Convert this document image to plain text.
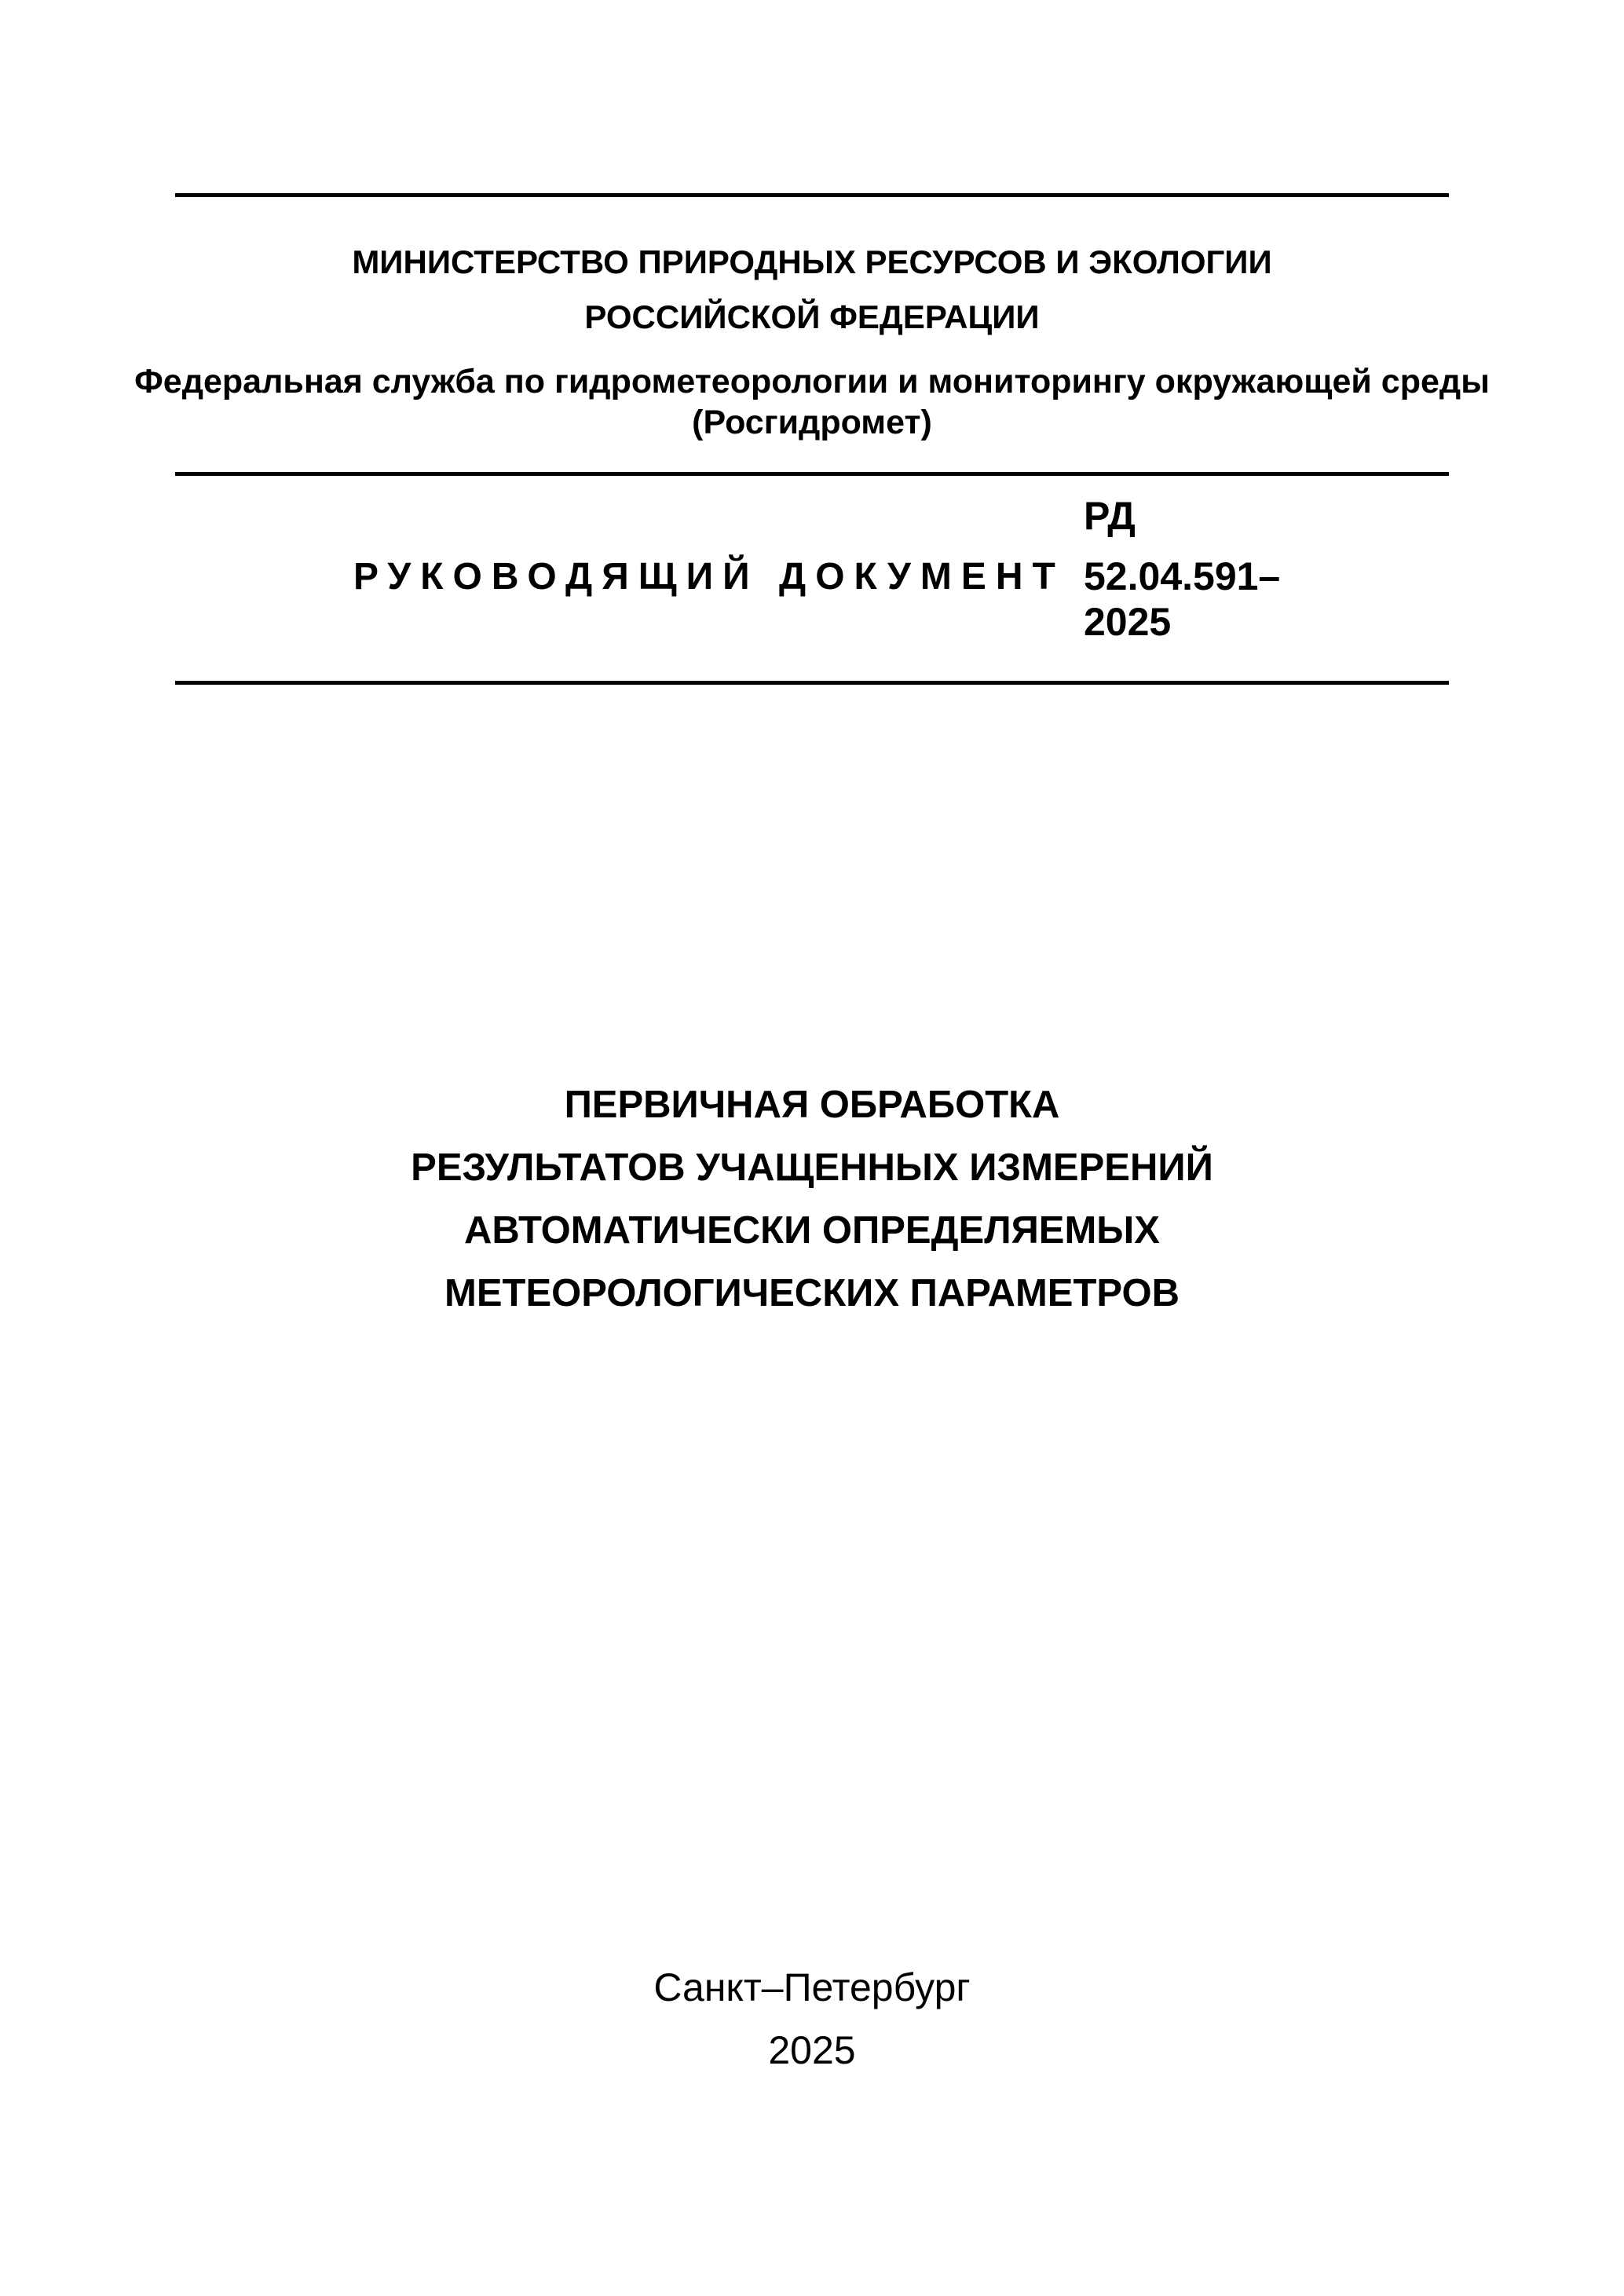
МИНИСТЕРСТВО ПРИРОДНЫХ РЕСУРСОВ И ЭКОЛОГИИ
РОССИЙСКОЙ ФЕДЕРАЦИИ
Федеральная служба по гидрометеорологии и мониторингу окружающей среды
(Росгидромет)
РУКОВОДЯЩИЙ ДОКУМЕНТ
РД
52.04.591–
2025
ПЕРВИЧНАЯ ОБРАБОТКА
РЕЗУЛЬТАТОВ УЧАЩЕННЫХ ИЗМЕРЕНИЙ
АВТОМАТИЧЕСКИ ОПРЕДЕЛЯЕМЫХ
МЕТЕОРОЛОГИЧЕСКИХ ПАРАМЕТРОВ
Санкт–Петербург
2025
